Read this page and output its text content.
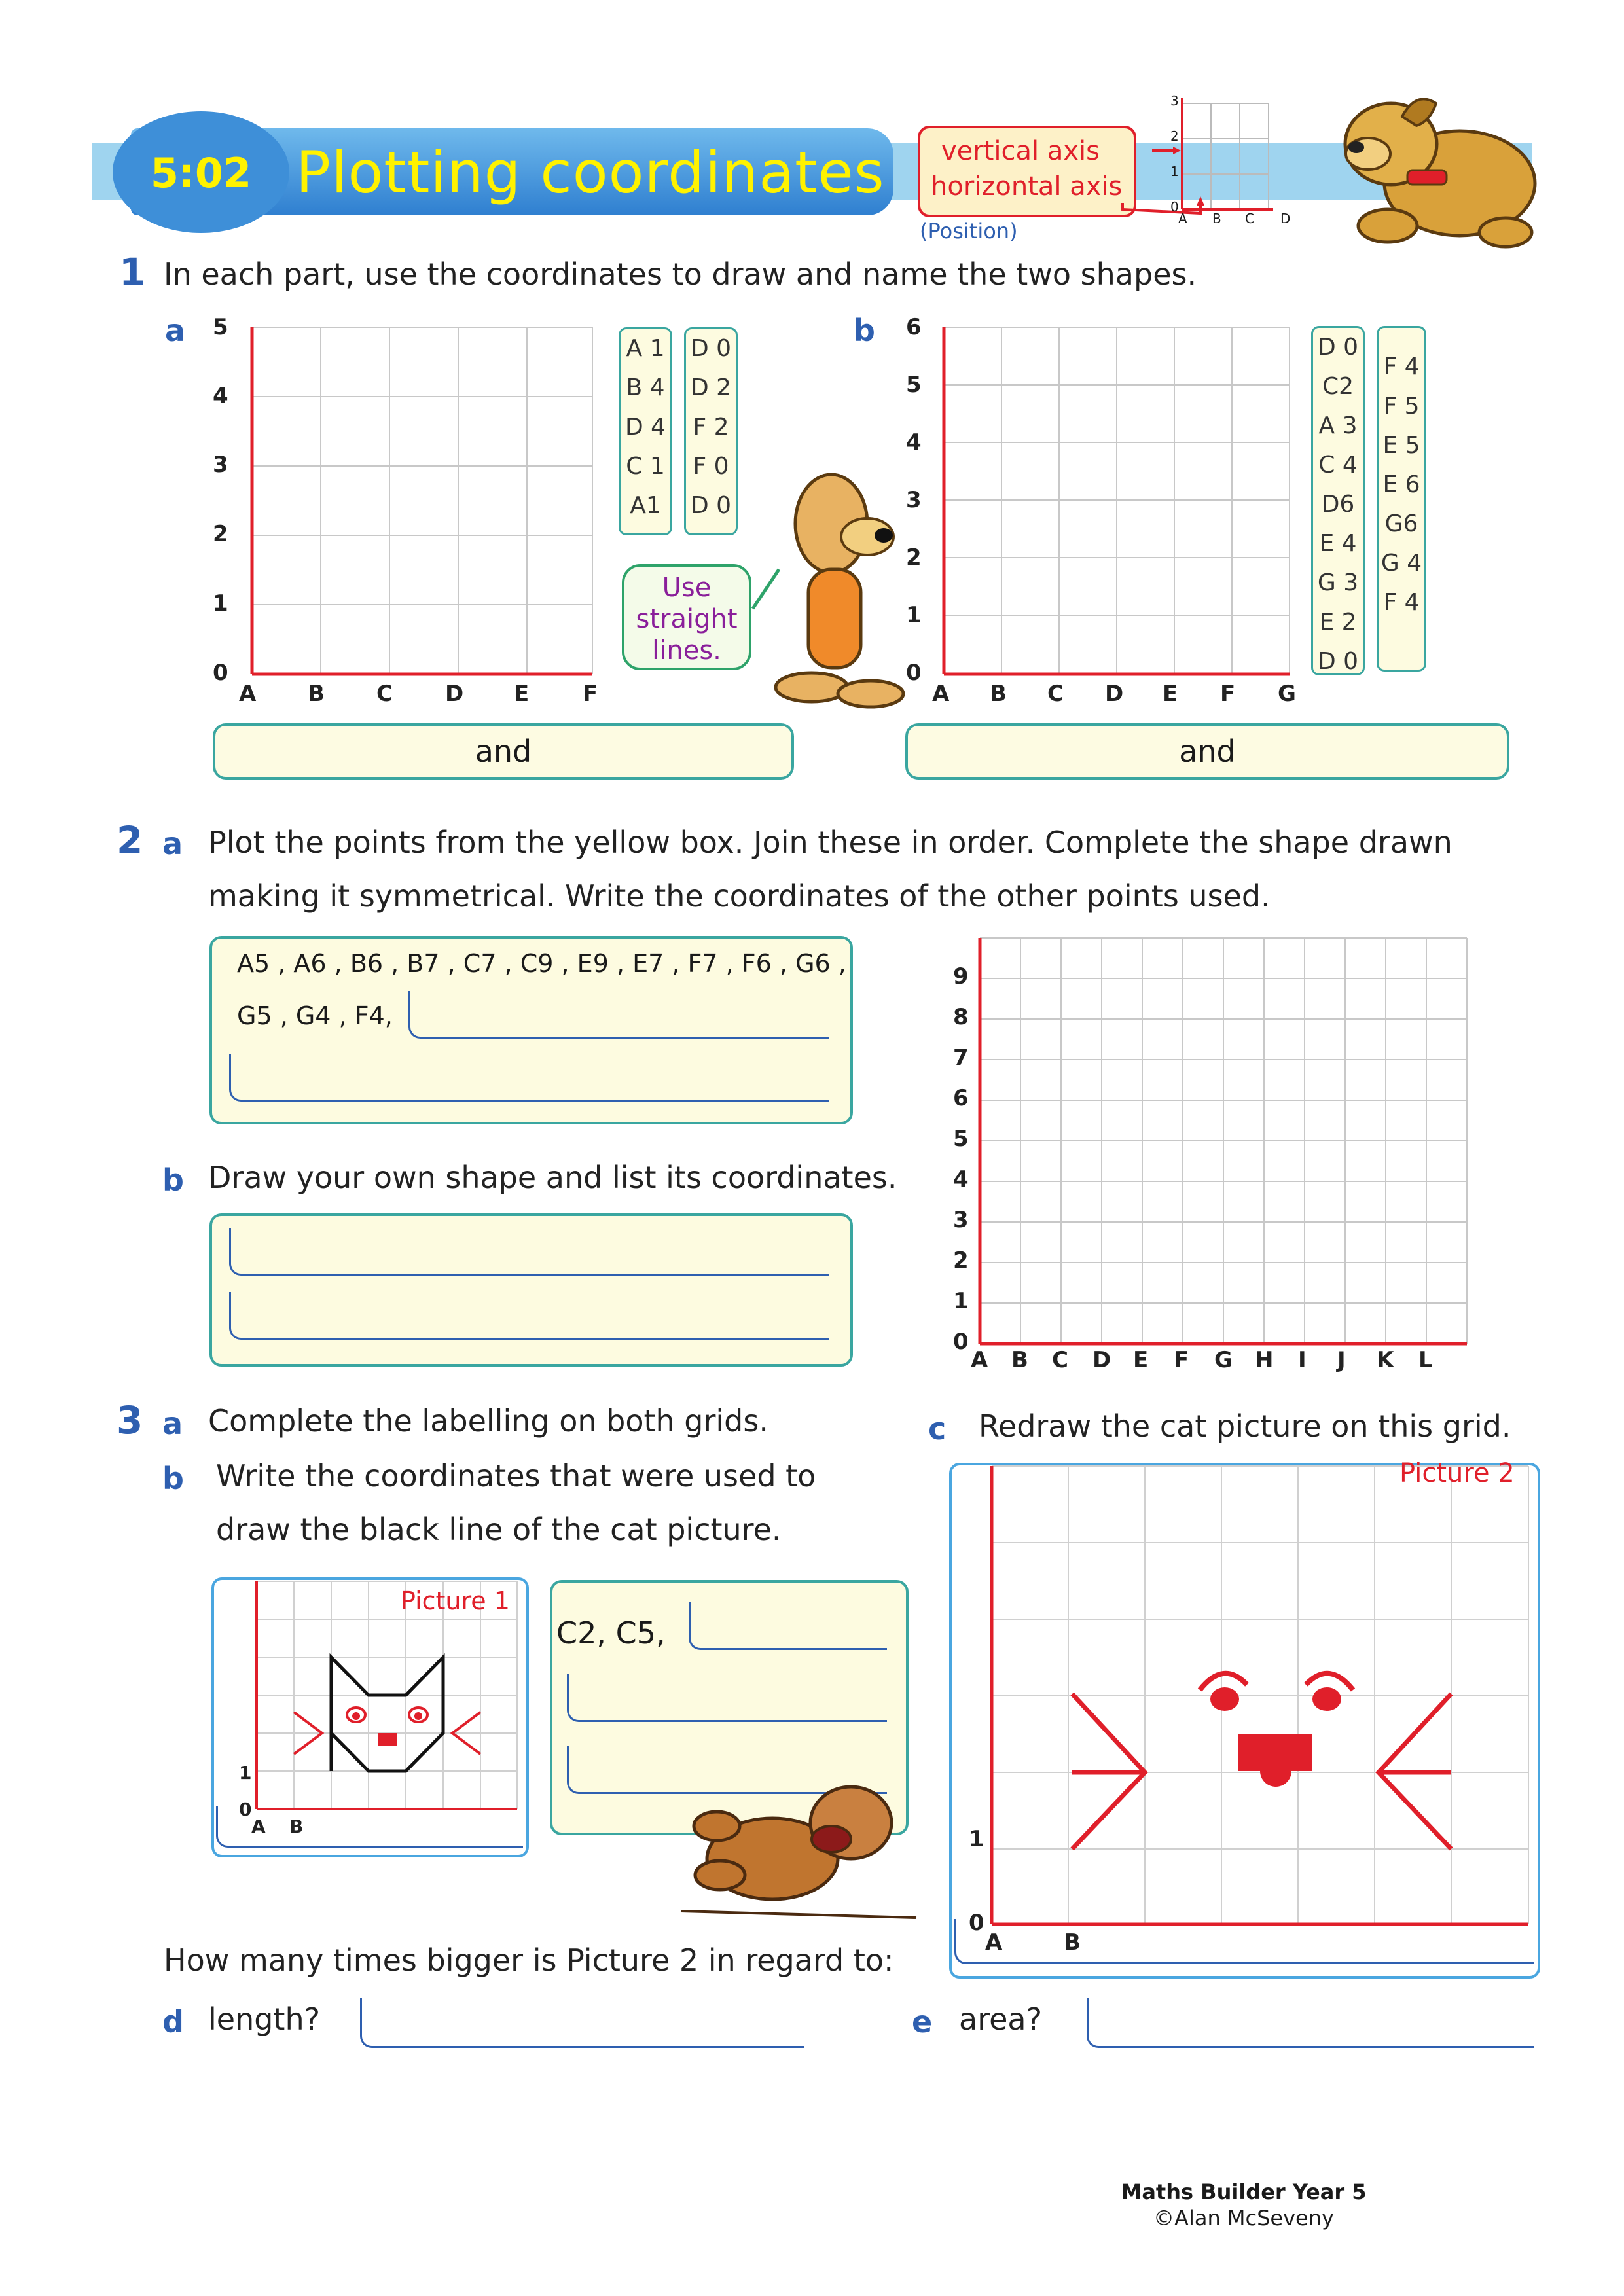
5:02 Plotting coordinates vertical axis
horizontal axis
(Position)
3
2
1
0
A B C D
1 In each part, use the coordinates to draw and name the two shapes.
a 5
4
3
2
1
0
A B C D E F
A 1
B 4
D 4
C 1
A1
D 0
D 2
F 2
F 0
D 0
and
Use
straight
lines.
b 6
5
4
3
2
1
0
A B C D E F G
D 0
C2
A 3
C 4
D6
E 4
G 3
E 2
D 0
F 4
F 5
E 5
E 6
G6
G 4
F 4
and
2 a Plot the points from the yellow box. Join these in order. Complete the shape drawn
making it symmetrical. Write the coordinates of the other points used.
A5 , A6 , B6 , B7 , C7 , C9 , E9 , E7 , F7 , F6 , G6 ,
G5 , G4 , F4,
b Draw your own shape and list its coordinates.
9
8
7
6
5
4
3
2
1
0
A B C D E F G H I J K L
3 a Complete the labelling on both grids.
b Write the coordinates that were used to
draw the black line of the cat picture.
c Redraw the cat picture on this grid.
Picture 1
1
0
A B
C2, C5,
Picture 2
1
0
A	B
How many times bigger is Picture 2 in regard to:
d length?	e area?
Maths Builder Year 5
©Alan McSeveny
